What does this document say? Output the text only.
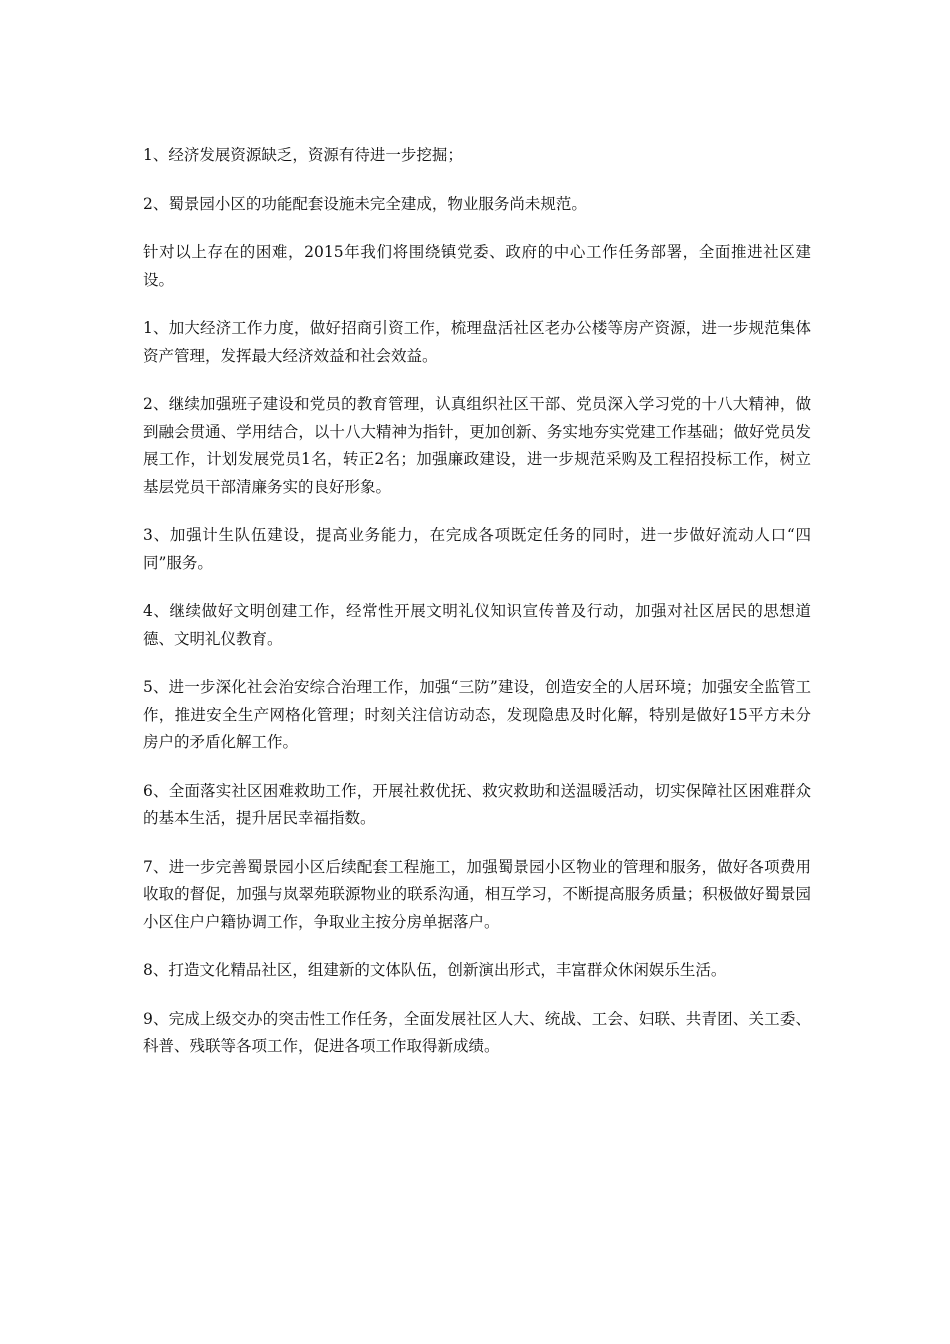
1、经济发展资源缺乏，资源有待进一步挖掘；

2、蜀景园小区的功能配套设施未完全建成，物业服务尚未规范。

针对以上存在的困难，2015年我们将围绕镇党委、政府的中心工作任务部署，全面推进社区建设。

1、加大经济工作力度，做好招商引资工作，梳理盘活社区老办公楼等房产资源，进一步规范集体资产管理，发挥最大经济效益和社会效益。

2、继续加强班子建设和党员的教育管理，认真组织社区干部、党员深入学习党的十八大精神，做到融会贯通、学用结合，以十八大精神为指针，更加创新、务实地夯实党建工作基础；做好党员发展工作，计划发展党员1名，转正2名；加强廉政建设，进一步规范采购及工程招投标工作，树立基层党员干部清廉务实的良好形象。

3、加强计生队伍建设，提高业务能力，在完成各项既定任务的同时，进一步做好流动人口“四同”服务。

4、继续做好文明创建工作，经常性开展文明礼仪知识宣传普及行动，加强对社区居民的思想道德、文明礼仪教育。

5、进一步深化社会治安综合治理工作，加强“三防”建设，创造安全的人居环境；加强安全监管工作，推进安全生产网格化管理；时刻关注信访动态，发现隐患及时化解，特别是做好15平方未分房户的矛盾化解工作。

6、全面落实社区困难救助工作，开展社救优抚、救灾救助和送温暖活动，切实保障社区困难群众的基本生活，提升居民幸福指数。

7、进一步完善蜀景园小区后续配套工程施工，加强蜀景园小区物业的管理和服务，做好各项费用收取的督促，加强与岚翠苑联源物业的联系沟通，相互学习，不断提高服务质量；积极做好蜀景园小区住户户籍协调工作，争取业主按分房单据落户。

8、打造文化精品社区，组建新的文体队伍，创新演出形式，丰富群众休闲娱乐生活。

9、完成上级交办的突击性工作任务，全面发展社区人大、统战、工会、妇联、共青团、关工委、科普、残联等各项工作，促进各项工作取得新成绩。
